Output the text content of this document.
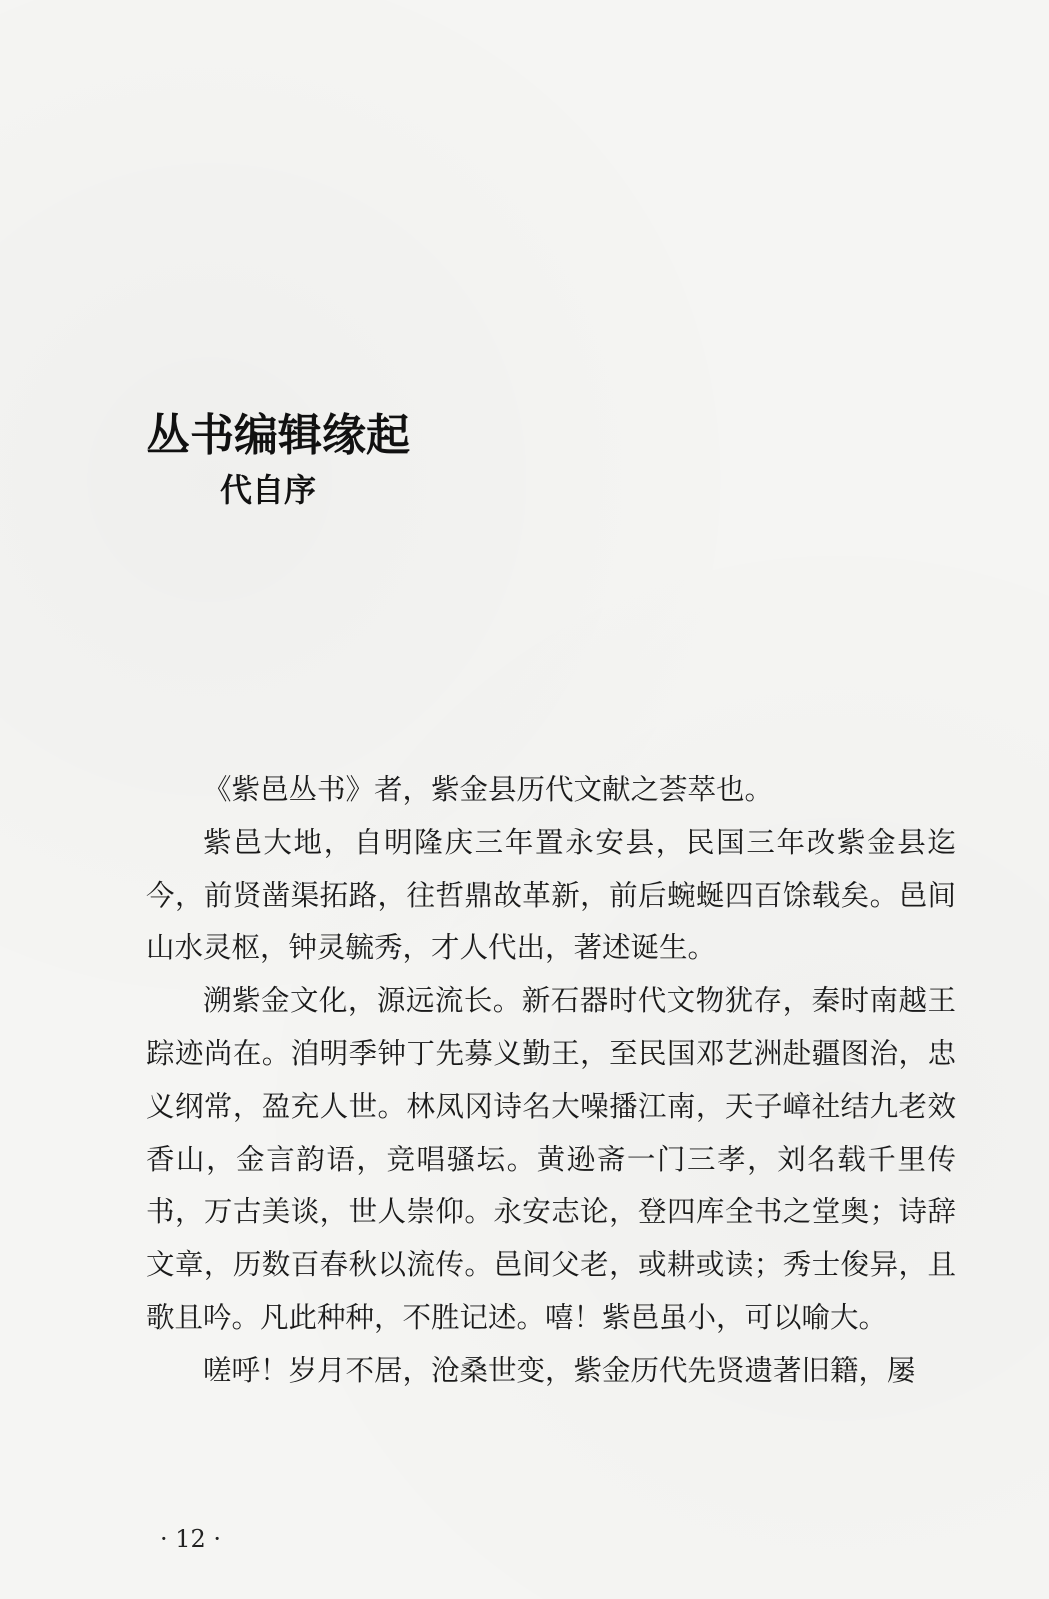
丛书编辑缘起
代自序

《紫邑丛书》者，紫金县历代文献之荟萃也。

紫邑大地，自明隆庆三年置永安县，民国三年改紫金县迄今，前贤凿渠拓路，往哲鼎故革新，前后蜿蜒四百馀载矣。邑间山水灵枢，钟灵毓秀，才人代出，著述诞生。

溯紫金文化，源远流长。新石器时代文物犹存，秦时南越王踪迹尚在。洎明季钟丁先募义勤王，至民国邓艺洲赴疆图治，忠义纲常，盈充人世。林凤冈诗名大噪播江南，天子嶂社结九老效香山，金言韵语，竞唱骚坛。黄逊斋一门三孝，刘名载千里传书，万古美谈，世人崇仰。永安志论，登四库全书之堂奥；诗辞文章，历数百春秋以流传。邑间父老，或耕或读；秀士俊异，且歌且吟。凡此种种，不胜记述。嘻！紫邑虽小，可以喻大。

嗟呼！岁月不居，沧桑世变，紫金历代先贤遗著旧籍，屡

· 12 ·
